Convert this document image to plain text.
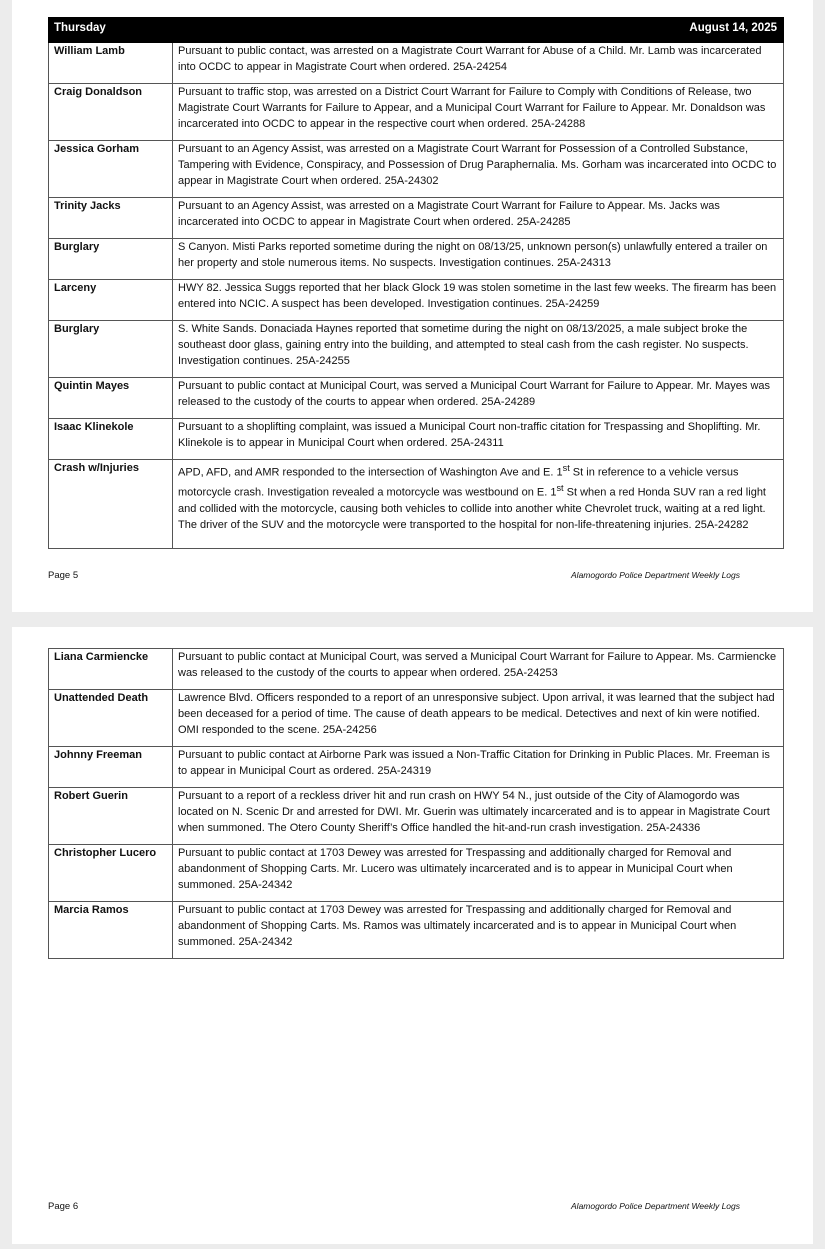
Thursday	August 14, 2025
William Lamb	Pursuant to public contact, was arrested on a Magistrate Court Warrant for Abuse of a Child. Mr. Lamb was incarcerated into OCDC to appear in Magistrate Court when ordered. 25A-24254
Craig Donaldson	Pursuant to traffic stop, was arrested on a District Court Warrant for Failure to Comply with Conditions of Release, two Magistrate Court Warrants for Failure to Appear, and a Municipal Court Warrant for Failure to Appear. Mr. Donaldson was incarcerated into OCDC to appear in the respective court when ordered. 25A-24288
Jessica Gorham	Pursuant to an Agency Assist, was arrested on a Magistrate Court Warrant for Possession of a Controlled Substance, Tampering with Evidence, Conspiracy, and Possession of Drug Paraphernalia. Ms. Gorham was incarcerated into OCDC to appear in Magistrate Court when ordered. 25A-24302
Trinity Jacks	Pursuant to an Agency Assist, was arrested on a Magistrate Court Warrant for Failure to Appear. Ms. Jacks was incarcerated into OCDC to appear in Magistrate Court when ordered. 25A-24285
Burglary	S Canyon. Misti Parks reported sometime during the night on 08/13/25, unknown person(s) unlawfully entered a trailer on her property and stole numerous items. No suspects. Investigation continues. 25A-24313
Larceny	HWY 82. Jessica Suggs reported that her black Glock 19 was stolen sometime in the last few weeks. The firearm has been entered into NCIC. A suspect has been developed. Investigation continues. 25A-24259
Burglary	S. White Sands. Donaciada Haynes reported that sometime during the night on 08/13/2025, a male subject broke the southeast door glass, gaining entry into the building, and attempted to steal cash from the cash register. No suspects. Investigation continues. 25A-24255
Quintin Mayes	Pursuant to public contact at Municipal Court, was served a Municipal Court Warrant for Failure to Appear. Mr. Mayes was released to the custody of the courts to appear when ordered. 25A-24289
Isaac Klinekole	Pursuant to a shoplifting complaint, was issued a Municipal Court non-traffic citation for Trespassing and Shoplifting. Mr. Klinekole is to appear in Municipal Court when ordered. 25A-24311
Crash w/Injuries	APD, AFD, and AMR responded to the intersection of Washington Ave and E. 1st St in reference to a vehicle versus motorcycle crash. Investigation revealed a motorcycle was westbound on E. 1st St when a red Honda SUV ran a red light and collided with the motorcycle, causing both vehicles to collide into another white Chevrolet truck, waiting at a red light. The driver of the SUV and the motorcycle were transported to the hospital for non-life-threatening injuries. 25A-24282
Page 5	Alamogordo Police Department Weekly Logs
Liana Carmiencke	Pursuant to public contact at Municipal Court, was served a Municipal Court Warrant for Failure to Appear. Ms. Carmiencke was released to the custody of the courts to appear when ordered. 25A-24253
Unattended Death	Lawrence Blvd. Officers responded to a report of an unresponsive subject. Upon arrival, it was learned that the subject had been deceased for a period of time. The cause of death appears to be medical. Detectives and next of kin were notified. OMI responded to the scene. 25A-24256
Johnny Freeman	Pursuant to public contact at Airborne Park was issued a Non-Traffic Citation for Drinking in Public Places. Mr. Freeman is to appear in Municipal Court as ordered. 25A-24319
Robert Guerin	Pursuant to a report of a reckless driver hit and run crash on HWY 54 N., just outside of the City of Alamogordo was located on N. Scenic Dr and arrested for DWI. Mr. Guerin was ultimately incarcerated and is to appear in Magistrate Court when summoned. The Otero County Sheriff’s Office handled the hit-and-run crash investigation. 25A-24336
Christopher Lucero	Pursuant to public contact at 1703 Dewey was arrested for Trespassing and additionally charged for Removal and abandonment of Shopping Carts. Mr. Lucero was ultimately incarcerated and is to appear in Municipal Court when summoned. 25A-24342
Marcia Ramos	Pursuant to public contact at 1703 Dewey was arrested for Trespassing and additionally charged for Removal and abandonment of Shopping Carts. Ms. Ramos was ultimately incarcerated and is to appear in Municipal Court when summoned. 25A-24342
Page 6	Alamogordo Police Department Weekly Logs
